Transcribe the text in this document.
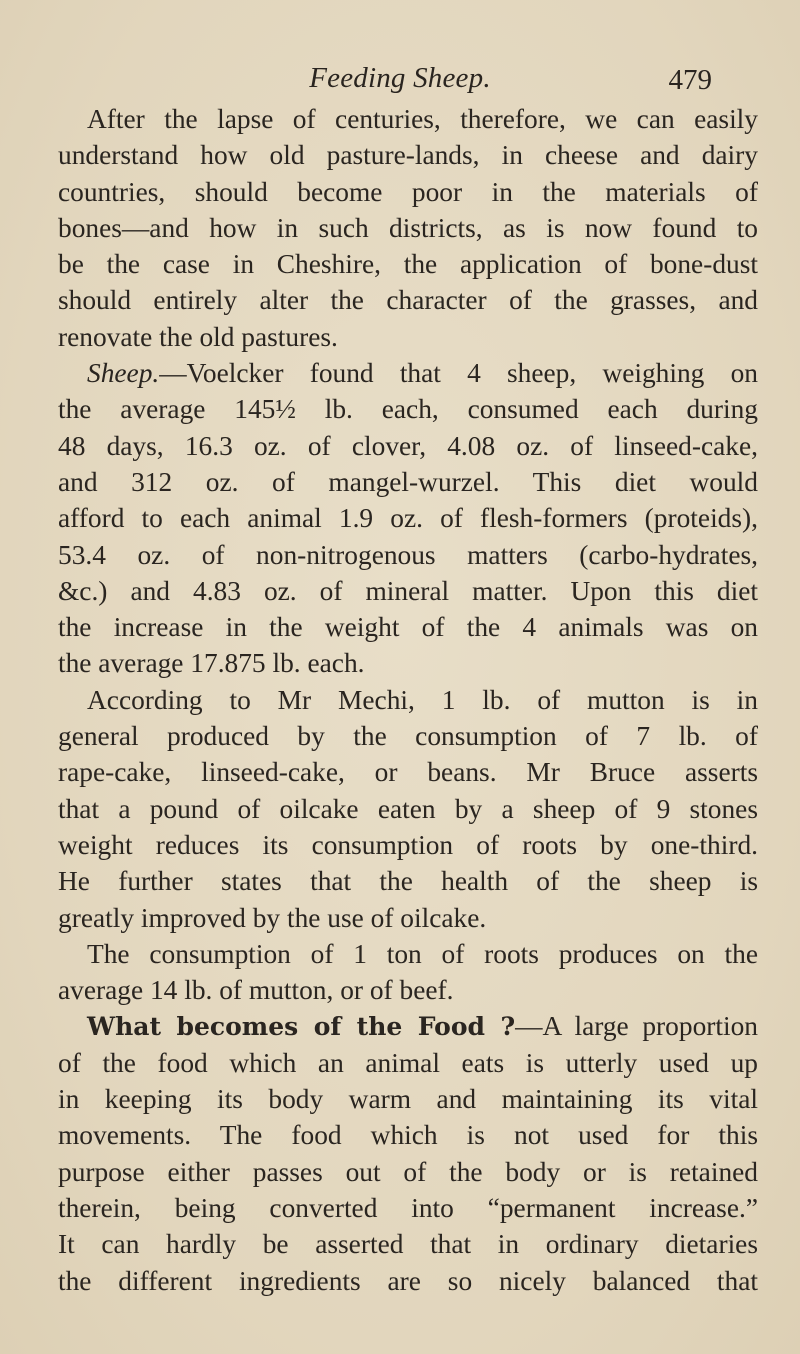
Feeding Sheep.	479
After the lapse of centuries, therefore, we can easily
understand how old pasture-lands, in cheese and dairy
countries, should become poor in the materials of
bones—and how in such districts, as is now found to
be the case in Cheshire, the application of bone-dust
should entirely alter the character of the grasses, and
renovate the old pastures.
Sheep.—Voelcker found that 4 sheep, weighing on
the average 145½ lb. each, consumed each during
48 days, 16.3 oz. of clover, 4.08 oz. of linseed-cake,
and 312 oz. of mangel-wurzel. This diet would
afford to each animal 1.9 oz. of flesh-formers (proteids),
53.4 oz. of non-nitrogenous matters (carbo-hydrates,
&c.) and 4.83 oz. of mineral matter. Upon this diet
the increase in the weight of the 4 animals was on
the average 17.875 lb. each.
According to Mr Mechi, 1 lb. of mutton is in
general produced by the consumption of 7 lb. of
rape-cake, linseed-cake, or beans. Mr Bruce asserts
that a pound of oilcake eaten by a sheep of 9 stones
weight reduces its consumption of roots by one-third.
He further states that the health of the sheep is
greatly improved by the use of oilcake.
The consumption of 1 ton of roots produces on the
average 14 lb. of mutton, or of beef.
What becomes of the Food ?—A large proportion
of the food which an animal eats is utterly used up
in keeping its body warm and maintaining its vital
movements. The food which is not used for this
purpose either passes out of the body or is retained
therein, being converted into “permanent increase.”
It can hardly be asserted that in ordinary dietaries
the different ingredients are so nicely balanced that
